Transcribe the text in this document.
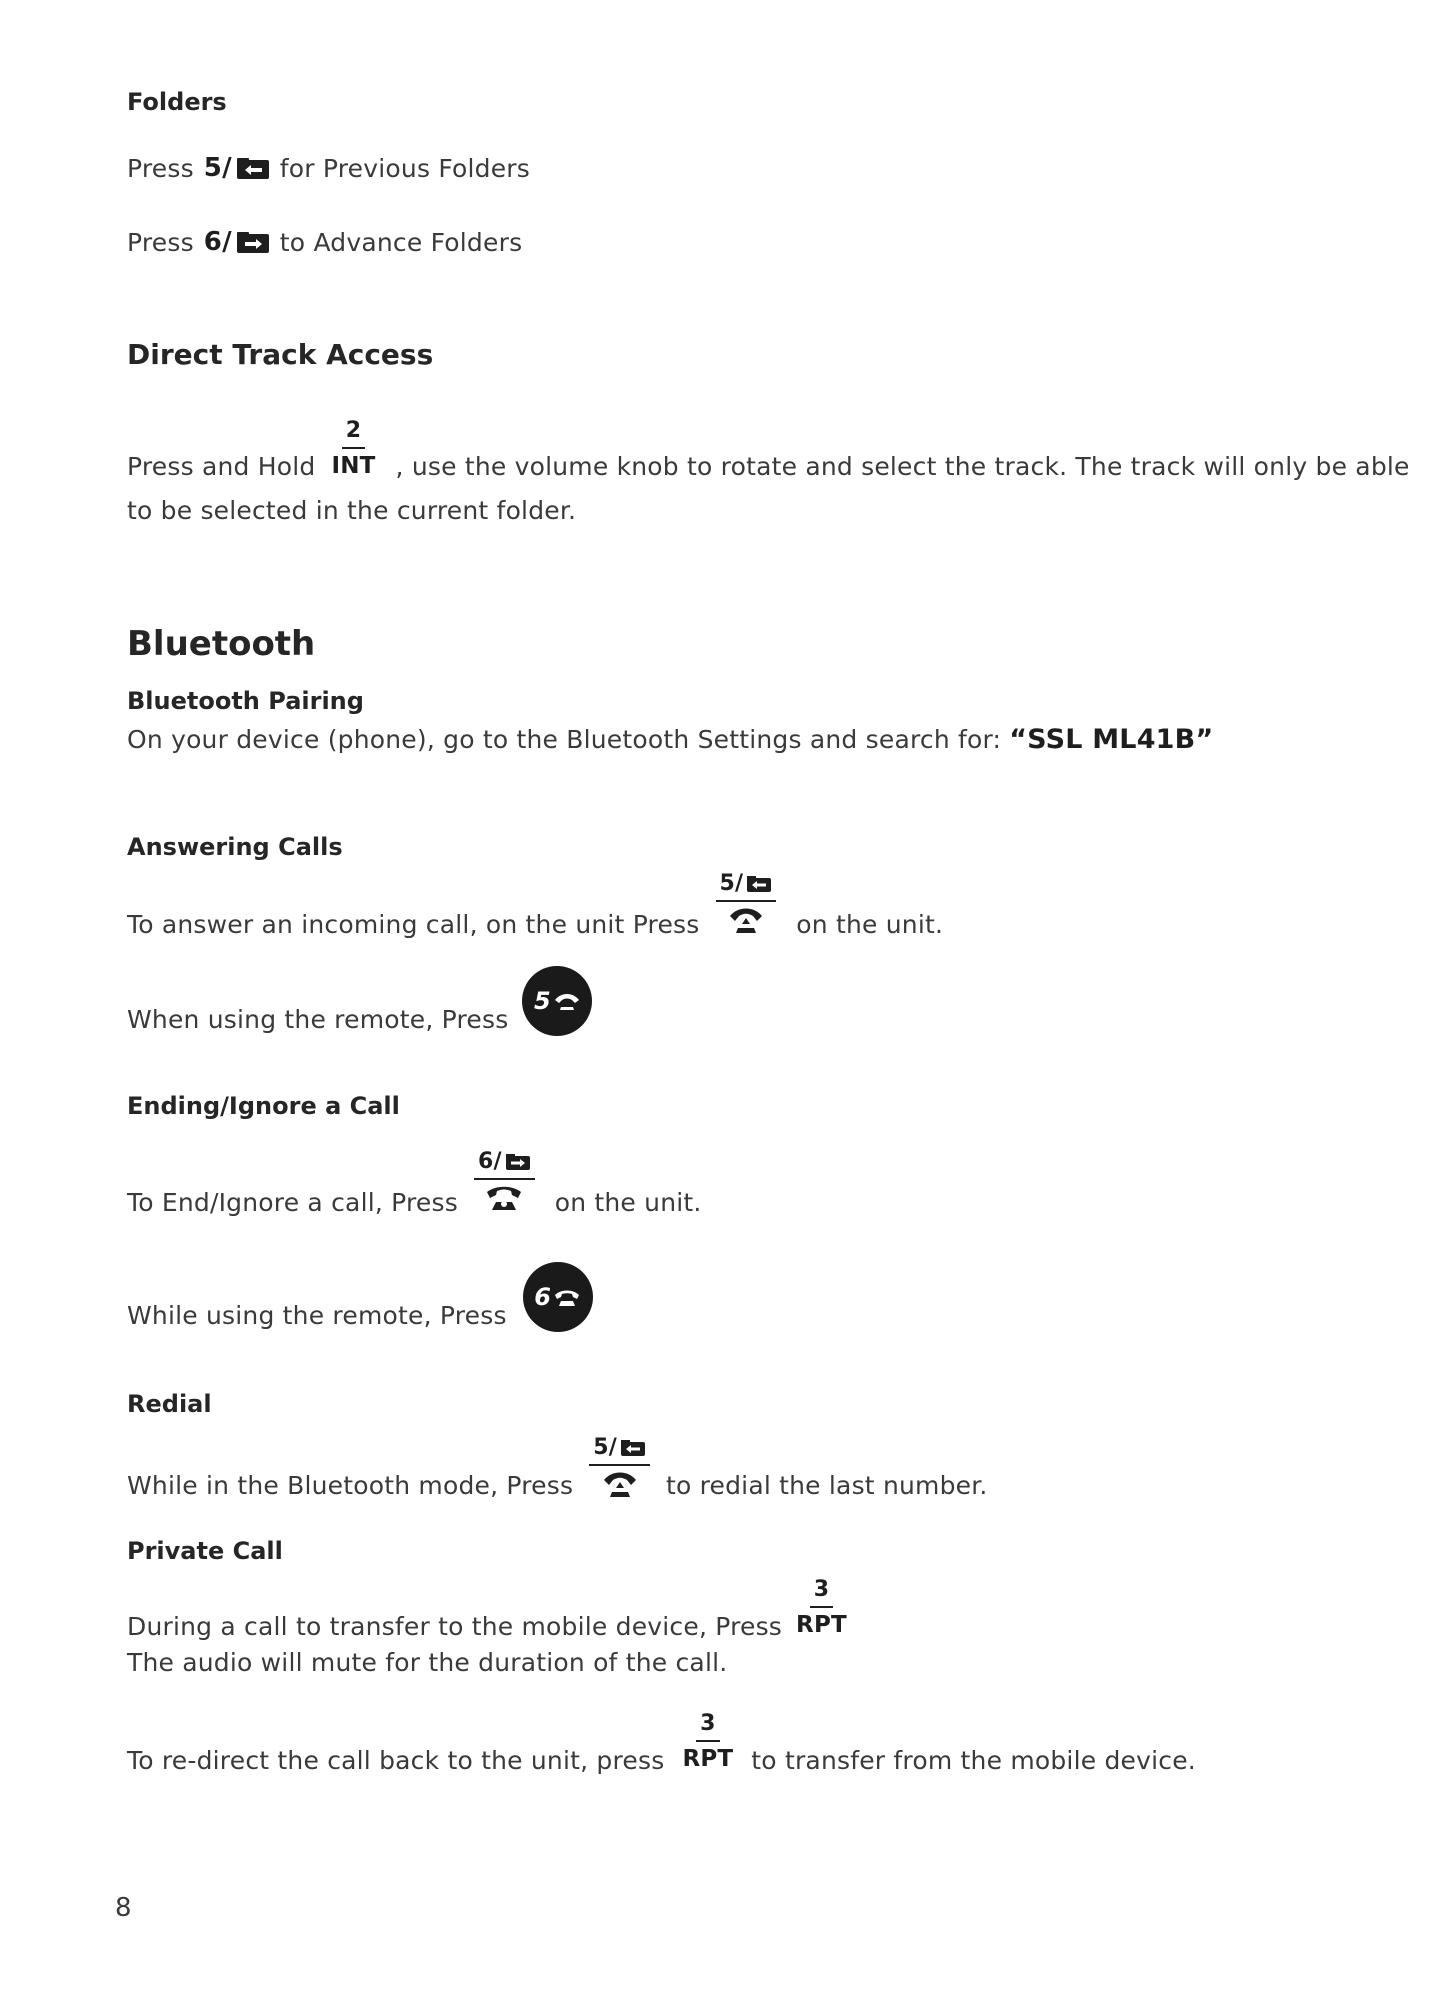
Folders
Press 5/ for Previous Folders
Press 6/ to Advance Folders
Direct Track Access
Press and Hold
2
INT , use the volume knob to rotate and select the track. The track will only be able
to be selected in the current folder.
Bluetooth
Bluetooth Pairing
On your device (phone), go to the Bluetooth Settings and search for: “SSL ML41B”
Answering Calls
To answer an incoming call, on the unit Press
5/
on the unit.
When using the remote, Press
5
Ending/Ignore a Call
To End/Ignore a call, Press
6/
on the unit.
While using the remote, Press
6
Redial
While in the Bluetooth mode, Press
5/
to redial the last number.
Private Call
During a call to transfer to the mobile device, Press
3
RPT
The audio will mute for the duration of the call.
To re-direct the call back to the unit, press
3
RPT to transfer from the mobile device.
8
